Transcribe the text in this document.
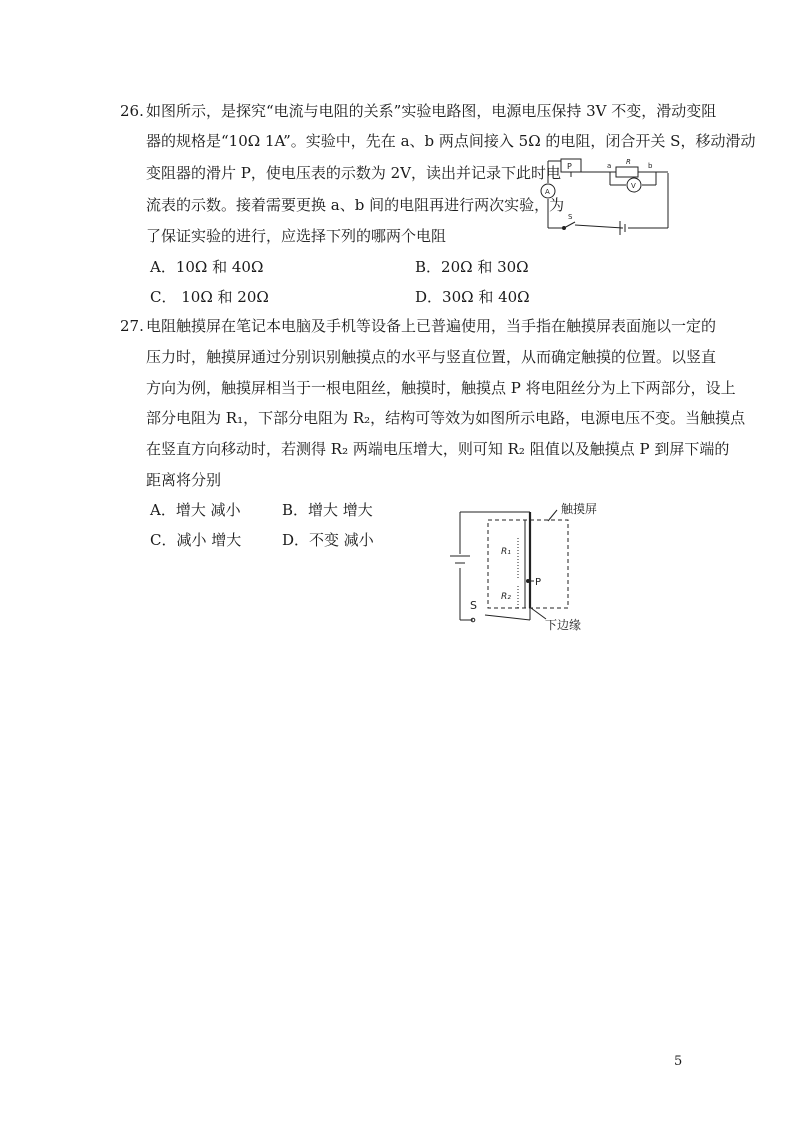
26. 如图所示，是探究“电流与电阻的关系”实验电路图，电源电压保持 3V 不变，滑动变阻
器的规格是“10Ω 1A”。实验中，先在 a、b 两点间接入 5Ω 的电阻，闭合开关 S，移动滑动
变阻器的滑片 P，使电压表的示数为 2V，读出并记录下此时电
流表的示数。接着需要更换 a、b 间的电阻再进行两次实验，为
了保证实验的进行，应选择下列的哪两个电阻
A．10Ω 和 40Ω	B．20Ω 和 30Ω
C． 10Ω 和 20Ω	D．30Ω 和 40Ω
P	a R b
A
V
S
27. 电阻触摸屏在笔记本电脑及手机等设备上已普遍使用，当手指在触摸屏表面施以一定的
压力时，触摸屏通过分别识别触摸点的水平与竖直位置，从而确定触摸的位置。以竖直
方向为例，触摸屏相当于一根电阻丝，触摸时，触摸点 P 将电阻丝分为上下两部分，设上
部分电阻为 R₁，下部分电阻为 R₂，结构可等效为如图所示电路，电源电压不变。当触摸点
在竖直方向移动时，若测得 R₂ 两端电压增大，则可知 R₂ 阻值以及触摸点 P 到屏下端的
距离将分别
A．增大 减小	B．增大 增大
C．减小 增大	D．不变 减小
触摸屏
下边缘
R₁
R₂
P
S
5
